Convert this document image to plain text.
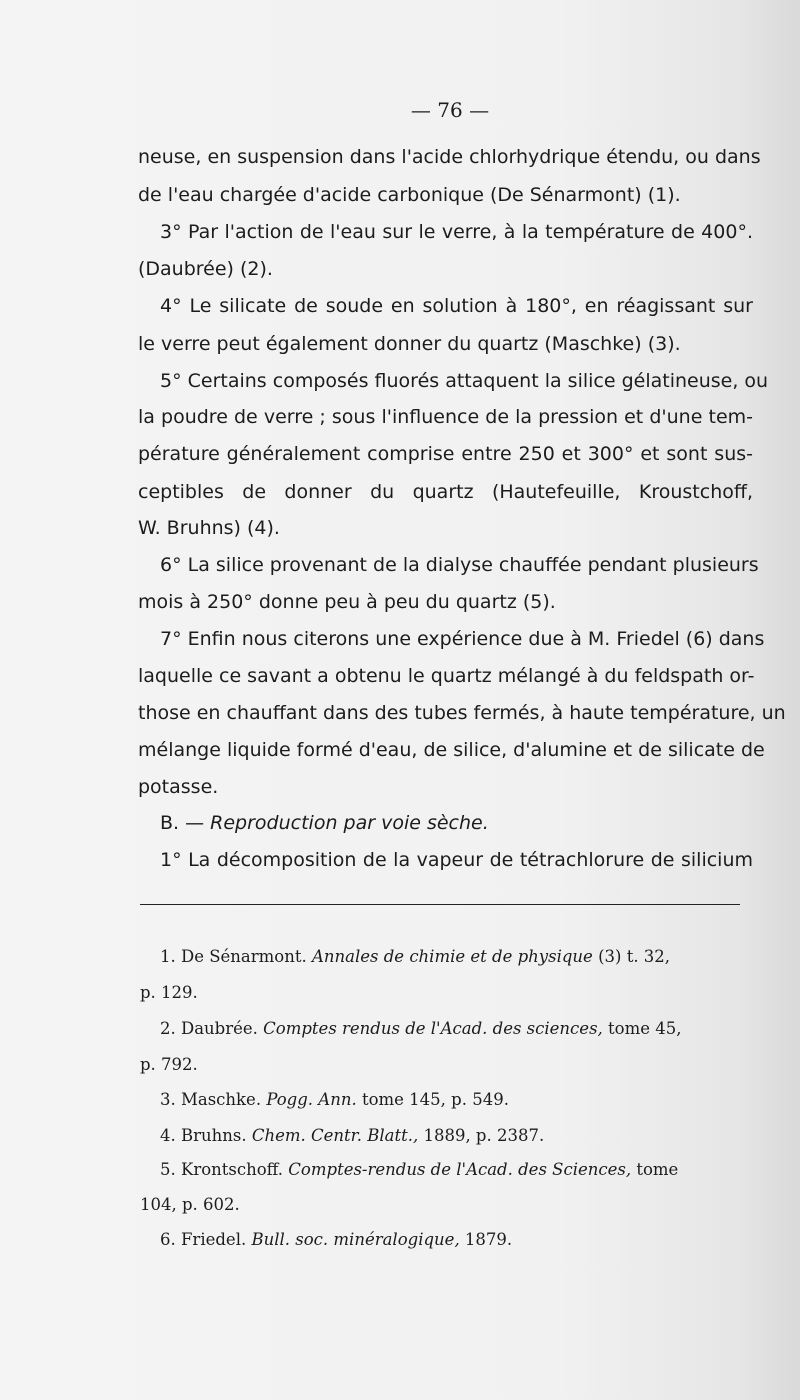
— 76 —
neuse, en suspension dans l'acide chlorhydrique étendu, ou dans
de l'eau chargée d'acide carbonique (De Sénarmont) (1).
3° Par l'action de l'eau sur le verre, à la température de 400°.
(Daubrée) (2).
4° Le silicate de soude en solution à 180°, en réagissant sur
le verre peut également donner du quartz (Maschke) (3).
5° Certains composés fluorés attaquent la silice gélatineuse, ou
la poudre de verre ; sous l'influence de la pression et d'une tem-
pérature généralement comprise entre 250 et 300° et sont sus-
ceptibles de donner du quartz (Hautefeuille, Kroustchoff,
W. Bruhns) (4).
6° La silice provenant de la dialyse chauffée pendant plusieurs
mois à 250° donne peu à peu du quartz (5).
7° Enfin nous citerons une expérience due à M. Friedel (6) dans
laquelle ce savant a obtenu le quartz mélangé à du feldspath or-
those en chauffant dans des tubes fermés, à haute température, un
mélange liquide formé d'eau, de silice, d'alumine et de silicate de
potasse.
B. — Reproduction par voie sèche.
1° La décomposition de la vapeur de tétrachlorure de silicium
1. De Sénarmont. Annales de chimie et de physique (3) t. 32,
p. 129.
2. Daubrée. Comptes rendus de l'Acad. des sciences, tome 45,
p. 792.
3. Maschke. Pogg. Ann. tome 145, p. 549.
4. Bruhns. Chem. Centr. Blatt., 1889, p. 2387.
5. Krontschoff. Comptes-rendus de l'Acad. des Sciences, tome
104, p. 602.
6. Friedel. Bull. soc. minéralogique, 1879.
